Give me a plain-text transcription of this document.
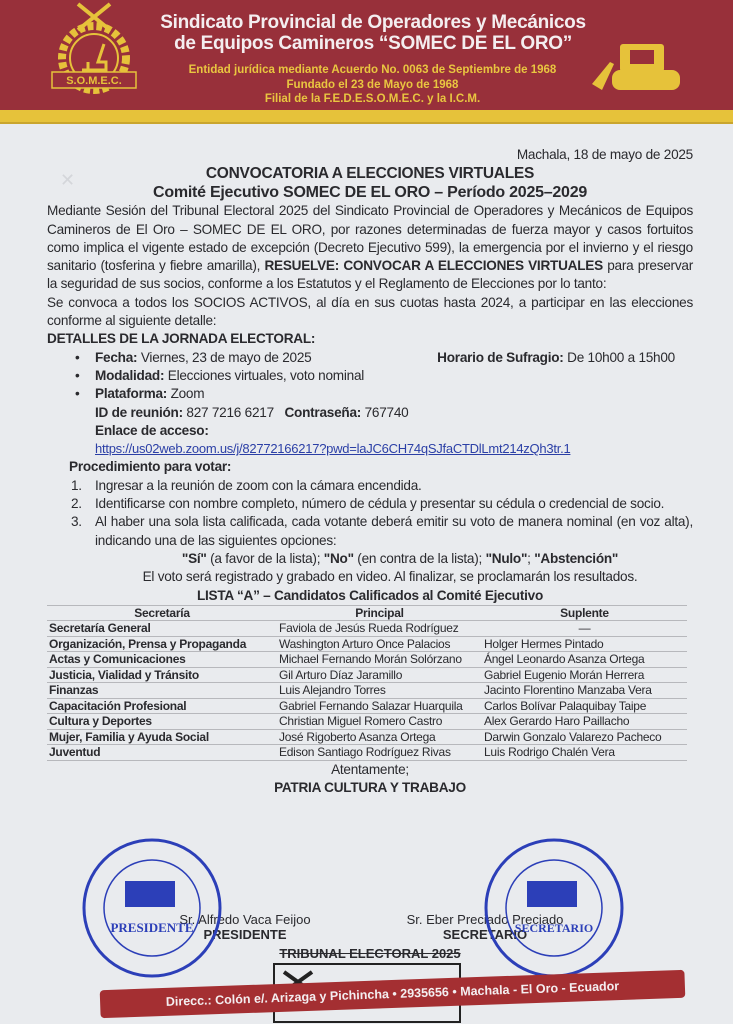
S.O.M.E.C.
Sindicato Provincial de Operadores y Mecánicos
de Equipos Camineros “SOMEC DE EL ORO”
Entidad jurídica mediante Acuerdo No. 0063 de Septiembre de 1968
Fundado el 23 de Mayo de 1968
Filial de la F.E.D.E.S.O.M.E.C. y la I.C.M.
✕
Machala, 18 de mayo de 2025
CONVOCATORIA A ELECCIONES VIRTUALES
Comité Ejecutivo SOMEC DE EL ORO – Período 2025–2029

Mediante Sesión del Tribunal Electoral 2025 del Sindicato Provincial de Operadores y Mecánicos de Equipos Camineros de El Oro – SOMEC DE EL ORO, por razones determinadas de fuerza mayor y casos fortuitos como implica el vigente estado de excepción (Decreto Ejecutivo 599), la emergencia por el invierno y el riesgo sanitario (tosferina y fiebre amarilla), RESUELVE: CONVOCAR A ELECCIONES VIRTUALES para preservar la seguridad de sus socios, conforme a los Estatutos y el Reglamento de Elecciones por lo tanto:

Se convoca a todos los SOCIOS ACTIVOS, al día en sus cuotas hasta 2024, a participar en las elecciones conforme al siguiente detalle:

DETALLES DE LA JORNADA ELECTORAL:
• Fecha: Viernes, 23 de mayo de 2025	Horario de Sufragio: De 10h00 a 15h00
• Modalidad: Elecciones virtuales, voto nominal
• Plataforma: Zoom
ID de reunión: 827 7216 6217 Contraseña: 767740
Enlace de acceso:
https://us02web.zoom.us/j/82772166217?pwd=laJC6CH74qSJfaCTDlLmt214zQh3tr.1
Procedimiento para votar:
1. Ingresar a la reunión de zoom con la cámara encendida.
2. Identificarse con nombre completo, número de cédula y presentar su cédula o credencial de socio.
3. Al haber una sola lista calificada, cada votante deberá emitir su voto de manera nominal (en voz alta), indicando una de las siguientes opciones:
"Sí" (a favor de la lista); "No" (en contra de la lista); "Nulo"; "Abstención"
El voto será registrado y grabado en video. Al finalizar, se proclamarán los resultados.
LISTA “A” – Candidatos Calificados al Comité Ejecutivo
Secretaría	Principal	Suplente
Secretaría General	Faviola de Jesús Rueda Rodríguez	—
Organización, Prensa y Propaganda	Washington Arturo Once Palacios	Holger Hermes Pintado
Actas y Comunicaciones	Michael Fernando Morán Solórzano	Ángel Leonardo Asanza Ortega
Justicia, Vialidad y Tránsito	Gil Arturo Díaz Jaramillo	Gabriel Eugenio Morán Herrera
Finanzas	Luis Alejandro Torres	Jacinto Florentino Manzaba Vera
Capacitación Profesional	Gabriel Fernando Salazar Huarquila	Carlos Bolívar Palaquibay Taipe
Cultura y Deportes	Christian Miguel Romero Castro	Alex Gerardo Haro Paillacho
Mujer, Familia y Ayuda Social	José Rigoberto Asanza Ortega	Darwin Gonzalo Valarezo Pacheco
Juventud	Edison Santiago Rodríguez Rivas	Luis Rodrigo Chalén Vera
Atentamente;
PATRIA CULTURA Y TRABAJO
Sr. Alfredo Vaca Feijoo
PRESIDENTE
Sr. Eber Preciado Preciado
SECRETARIO
TRIBUNAL ELECTORAL 2025
PRESIDENTE	SECRETARIO
Direcc.: Colón e/. Arizaga y Pichincha • 2935656 • Machala - El Oro - Ecuador
